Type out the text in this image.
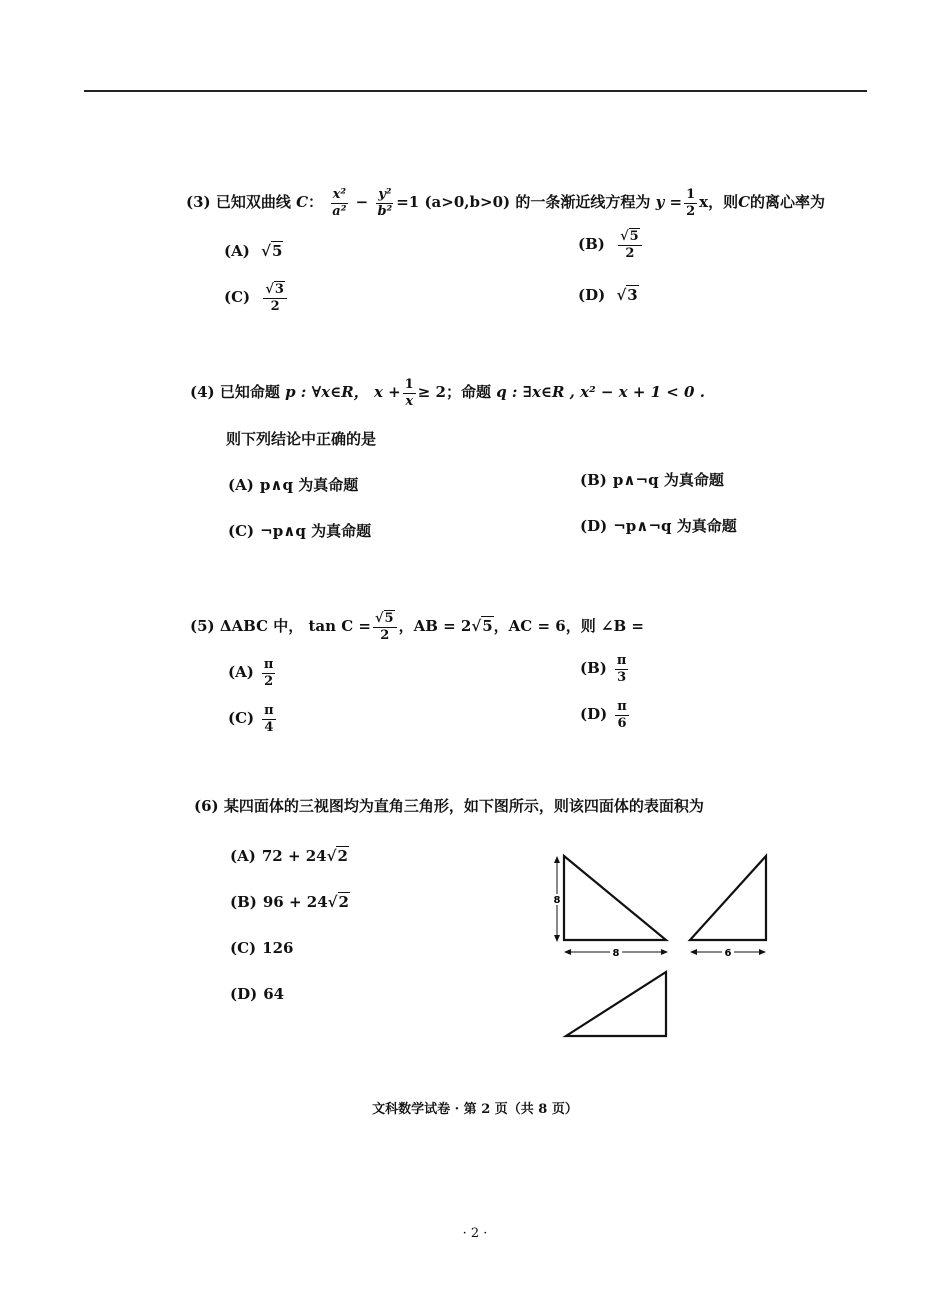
(3) 已知双曲线 C： $\frac{\text{x²}}{\text{a²}} - \frac{\text{y²}}{\text{b²}} =1$ (a>0,b>0) 的一条渐近线方程为 $y = \frac{1}{2}$ x，则C的离心率为
(A) √5	$(B) \frac{√5}{2}$
$(C) \frac{√3}{2}$	(D) √3
(4) 已知命题 p : ∀x∈R， $x + \frac{1}{x} \ge 2$；命题 q : ∃x∈R , x² − x + 1 < 0 .
则下列结论中正确的是
(A) p∧q 为真命题	(B) p∧¬q 为真命题
(C) ¬p∧q 为真命题	(D) ¬p∧¬q 为真命题
(5) ΔABC 中， $\tan C = \frac{√5}{2}$ ，AB = 2√5，AC = 6，则 ∠B =
$(A) \frac{\pi}{2}$	$(B) \frac{\pi}{3}$
$(C) \frac{\pi}{4}$	$(D) \frac{\pi}{6}$
(6) 某四面体的三视图均为直角三角形，如下图所示，则该四面体的表面积为
(A) 72 + 24√2
(B) 96 + 24√2
(C) 126
(D) 64
8
8	6
文科数学试卷 · 第 2 页（共 8 页）
· 2 ·
